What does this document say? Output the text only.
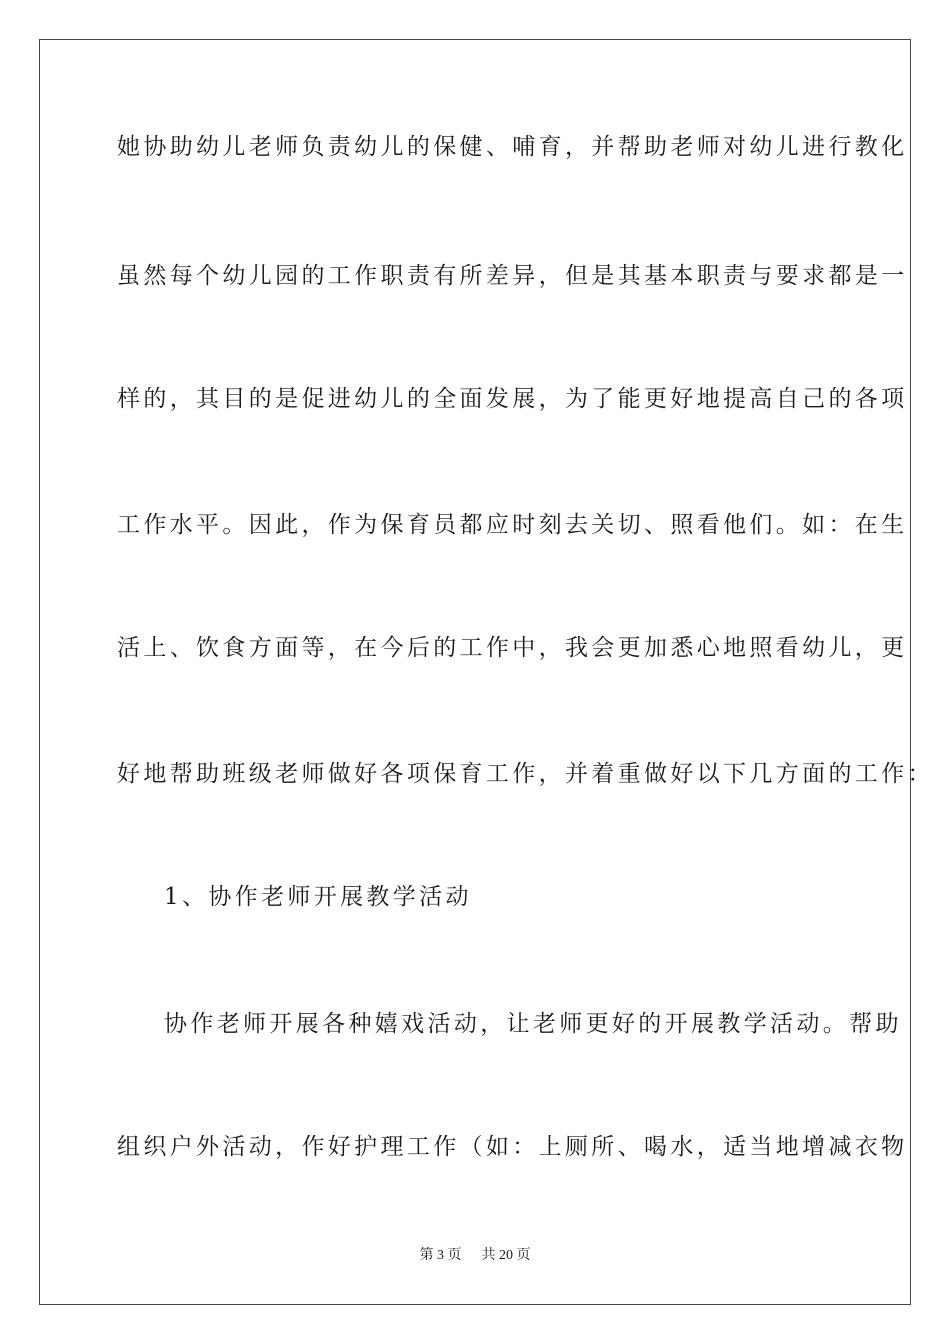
她协助幼儿老师负责幼儿的保健、哺育，并帮助老师对幼儿进行教化
虽然每个幼儿园的工作职责有所差异，但是其基本职责与要求都是一
样的，其目的是促进幼儿的全面发展，为了能更好地提高自己的各项
工作水平。因此，作为保育员都应时刻去关切、照看他们。如：在生
活上、饮食方面等，在今后的工作中，我会更加悉心地照看幼儿，更
好地帮助班级老师做好各项保育工作，并着重做好以下几方面的工作：
1、协作老师开展教学活动
协作老师开展各种嬉戏活动，让老师更好的开展教学活动。帮助
组织户外活动，作好护理工作（如：上厕所、喝水，适当地增减衣物
第 3 页 共 20 页
